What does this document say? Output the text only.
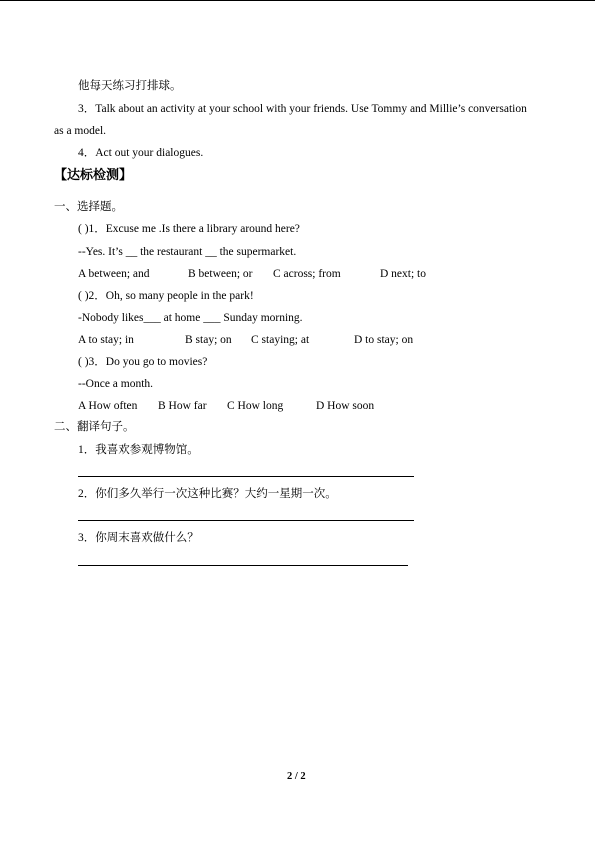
他每天练习打排球。
3．Talk about an activity at your school with your friends. Use Tommy and Millie’s conversation
as a model.
4．Act out your dialogues.
【达标检测】
一、选择题。
( )1．Excuse me .Is there a library around here?
--Yes. It’s __ the restaurant __ the supermarket.
A between; and	B between; or C across; from	D next; to
( )2．Oh, so many people in the park!
-Nobody likes___ at home ___ Sunday morning.
A to stay; in	B stay; on C staying; at	D to stay; on
( )3．Do you go to movies?
--Once a month.
A How often B How far C How long	D How soon
二、翻译句子。
1．我喜欢参观博物馆。
2．你们多久举行一次这种比赛？大约一星期一次。
3．你周末喜欢做什么？
2 / 2
